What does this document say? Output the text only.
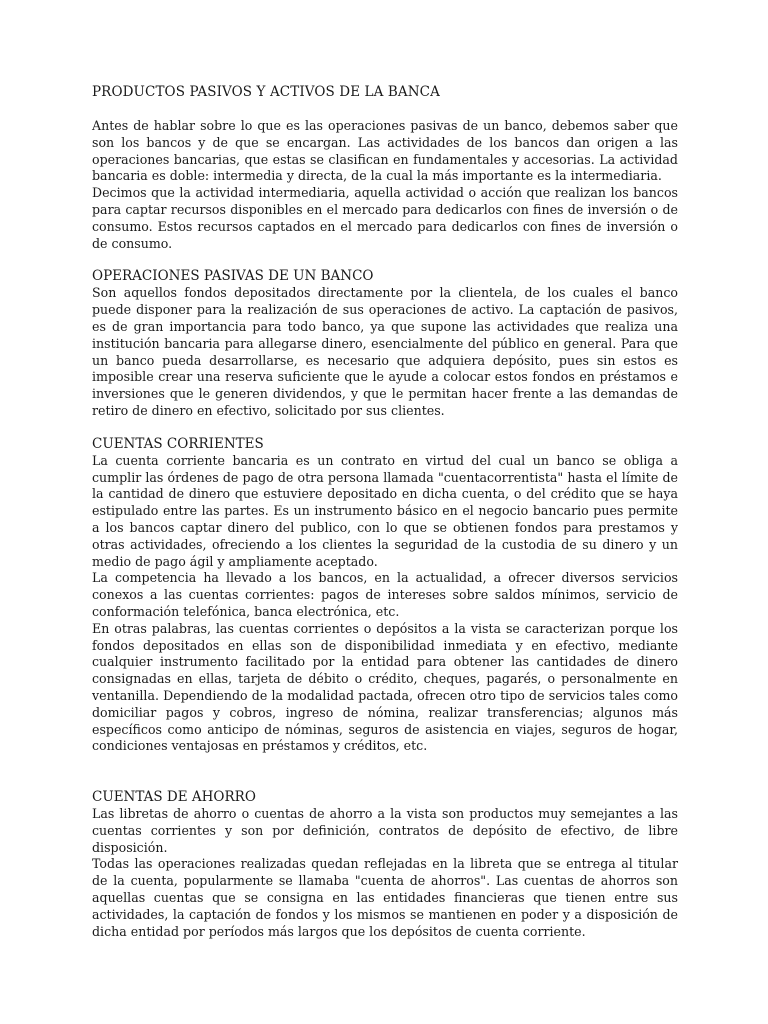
PRODUCTOS PASIVOS Y ACTIVOS DE LA BANCA

Antes de hablar sobre lo que es las operaciones pasivas de un banco, debemos saber que son los bancos y de que se encargan. Las actividades de los bancos dan origen a las operaciones bancarias, que estas se clasifican en fundamentales y accesorias. La actividad bancaria es doble: intermedia y directa, de la cual la más importante es la intermediaria.

Decimos que la actividad intermediaria, aquella actividad o acción que realizan los bancos para captar recursos disponibles en el mercado para dedicarlos con fines de inversión o de consumo. Estos recursos captados en el mercado para dedicarlos con fines de inversión o de consumo.

OPERACIONES PASIVAS DE UN BANCO

Son aquellos fondos depositados directamente por la clientela, de los cuales el banco puede disponer para la realización de sus operaciones de activo. La captación de pasivos, es de gran importancia para todo banco, ya que supone las actividades que realiza una institución bancaria para allegarse dinero, esencialmente del público en general. Para que un banco pueda desarrollarse, es necesario que adquiera depósito, pues sin estos es imposible crear una reserva suficiente que le ayude a colocar estos fondos en préstamos e inversiones que le generen dividendos, y que le permitan hacer frente a las demandas de retiro de dinero en efectivo, solicitado por sus clientes.

CUENTAS CORRIENTES

La cuenta corriente bancaria es un contrato en virtud del cual un banco se obliga a cumplir las órdenes de pago de otra persona llamada "cuentacorrentista" hasta el límite de la cantidad de dinero que estuviere depositado en dicha cuenta, o del crédito que se haya estipulado entre las partes. Es un instrumento básico en el negocio bancario pues permite a los bancos captar dinero del publico, con lo que se obtienen fondos para prestamos y otras actividades, ofreciendo a los clientes la seguridad de la custodia de su dinero y un medio de pago ágil y ampliamente aceptado.

La competencia ha llevado a los bancos, en la actualidad, a ofrecer diversos servicios conexos a las cuentas corrientes: pagos de intereses sobre saldos mínimos, servicio de conformación telefónica, banca electrónica, etc.

En otras palabras, las cuentas corrientes o depósitos a la vista se caracterizan porque los fondos depositados en ellas son de disponibilidad inmediata y en efectivo, mediante cualquier instrumento facilitado por la entidad para obtener las cantidades de dinero consignadas en ellas, tarjeta de débito o crédito, cheques, pagarés, o personalmente en ventanilla. Dependiendo de la modalidad pactada, ofrecen otro tipo de servicios tales como domiciliar pagos y cobros, ingreso de nómina, realizar transferencias; algunos más específicos como anticipo de nóminas, seguros de asistencia en viajes, seguros de hogar, condiciones ventajosas en préstamos y créditos, etc.

CUENTAS DE AHORRO

Las libretas de ahorro o cuentas de ahorro a la vista son productos muy semejantes a las cuentas corrientes y son por definición, contratos de depósito de efectivo, de libre disposición.

Todas las operaciones realizadas quedan reflejadas en la libreta que se entrega al titular de la cuenta, popularmente se llamaba "cuenta de ahorros". Las cuentas de ahorros son aquellas cuentas que se consigna en las entidades financieras que tienen entre sus actividades, la captación de fondos y los mismos se mantienen en poder y a disposición de dicha entidad por períodos más largos que los depósitos de cuenta corriente.
